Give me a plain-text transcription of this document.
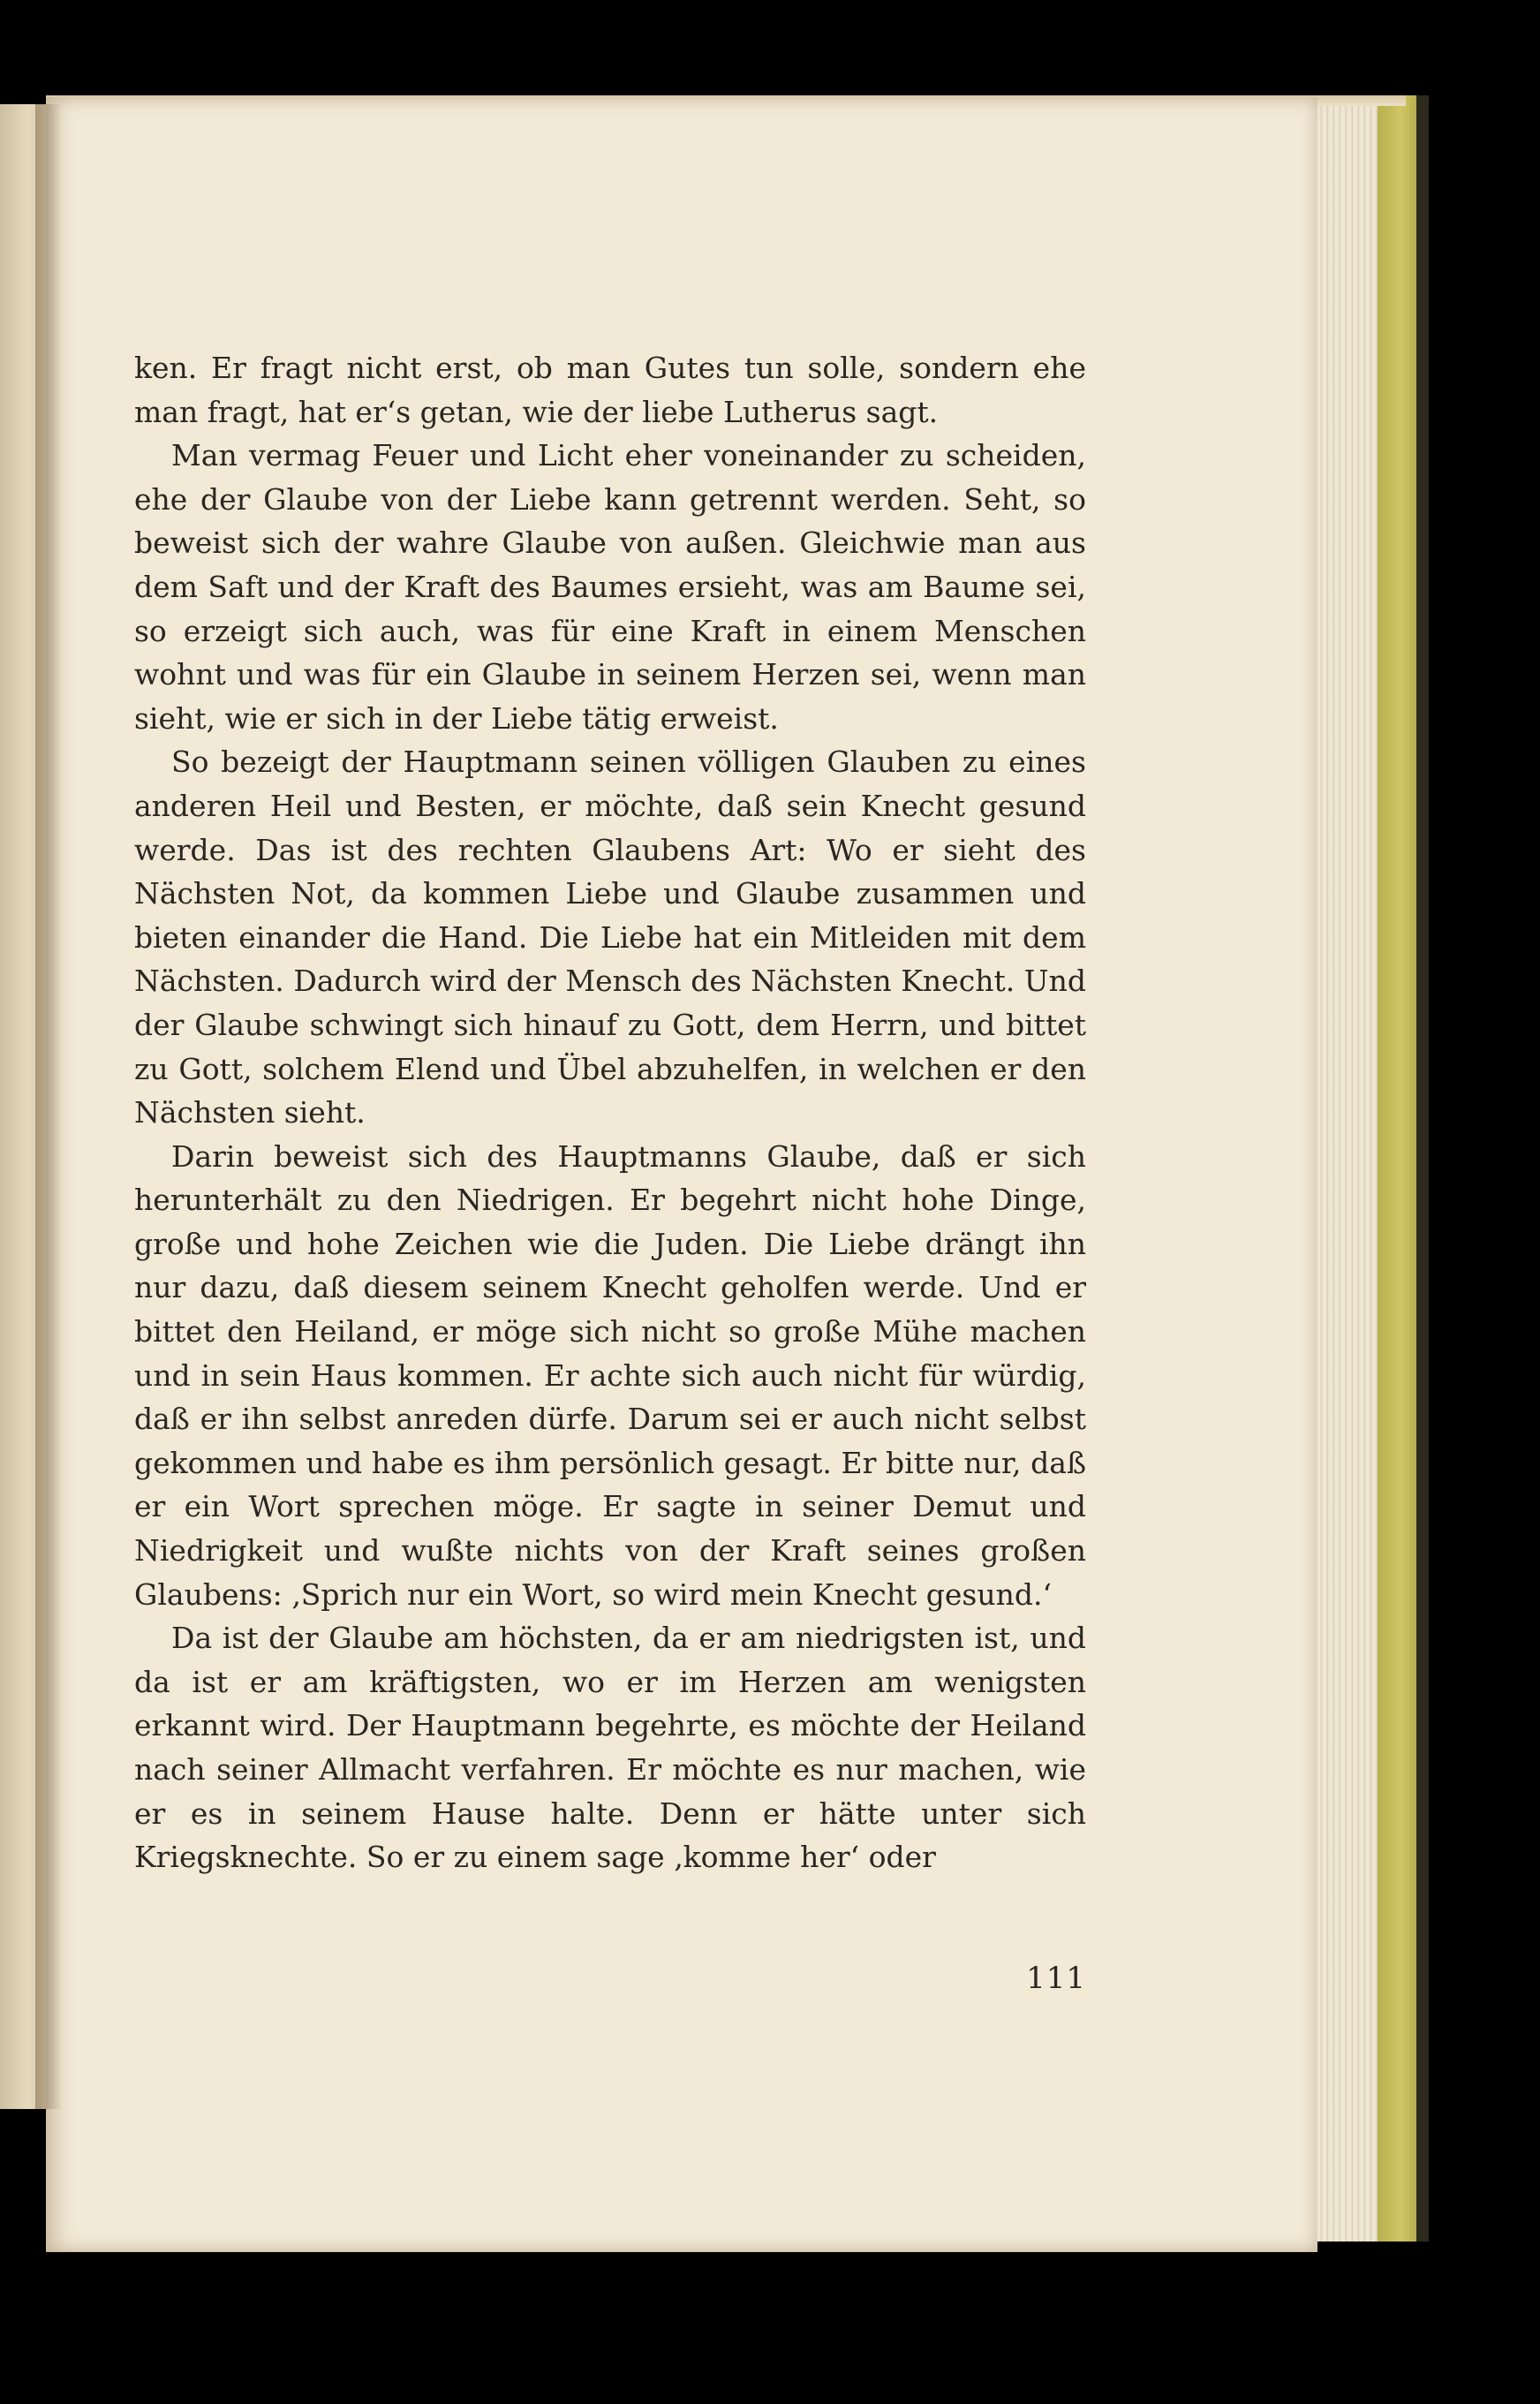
ken. Er fragt nicht erst, ob man Gutes tun solle, sondern ehe man fragt, hat er‘s getan, wie der liebe Lutherus sagt.

Man vermag Feuer und Licht eher voneinander zu scheiden, ehe der Glaube von der Liebe kann getrennt werden. Seht, so beweist sich der wahre Glaube von außen. Gleichwie man aus dem Saft und der Kraft des Baumes ersieht, was am Baume sei, so erzeigt sich auch, was für eine Kraft in einem Menschen wohnt und was für ein Glaube in seinem Herzen sei, wenn man sieht, wie er sich in der Liebe tätig erweist.

So bezeigt der Hauptmann seinen völligen Glauben zu eines anderen Heil und Besten, er möchte, daß sein Knecht gesund werde. Das ist des rechten Glaubens Art: Wo er sieht des Nächsten Not, da kommen Liebe und Glaube zusammen und bieten einander die Hand. Die Liebe hat ein Mitleiden mit dem Nächsten. Dadurch wird der Mensch des Nächsten Knecht. Und der Glaube schwingt sich hinauf zu Gott, dem Herrn, und bittet zu Gott, solchem Elend und Übel abzuhelfen, in welchen er den Nächsten sieht.

Darin beweist sich des Hauptmanns Glaube, daß er sich herunterhält zu den Niedrigen. Er begehrt nicht hohe Dinge, große und hohe Zeichen wie die Juden. Die Liebe drängt ihn nur dazu, daß diesem seinem Knecht geholfen werde. Und er bittet den Heiland, er möge sich nicht so große Mühe machen und in sein Haus kommen. Er achte sich auch nicht für würdig, daß er ihn selbst anreden dürfe. Darum sei er auch nicht selbst gekommen und habe es ihm persönlich gesagt. Er bitte nur, daß er ein Wort sprechen möge. Er sagte in seiner Demut und Niedrigkeit und wußte nichts von der Kraft seines großen Glaubens: ‚Sprich nur ein Wort, so wird mein Knecht gesund.‘

Da ist der Glaube am höchsten, da er am niedrigsten ist, und da ist er am kräftigsten, wo er im Herzen am wenigsten erkannt wird. Der Hauptmann begehrte, es möchte der Heiland nach seiner Allmacht verfahren. Er möchte es nur machen, wie er es in seinem Hause halte. Denn er hätte unter sich Kriegsknechte. So er zu einem sage ‚komme her‘ oder

111
